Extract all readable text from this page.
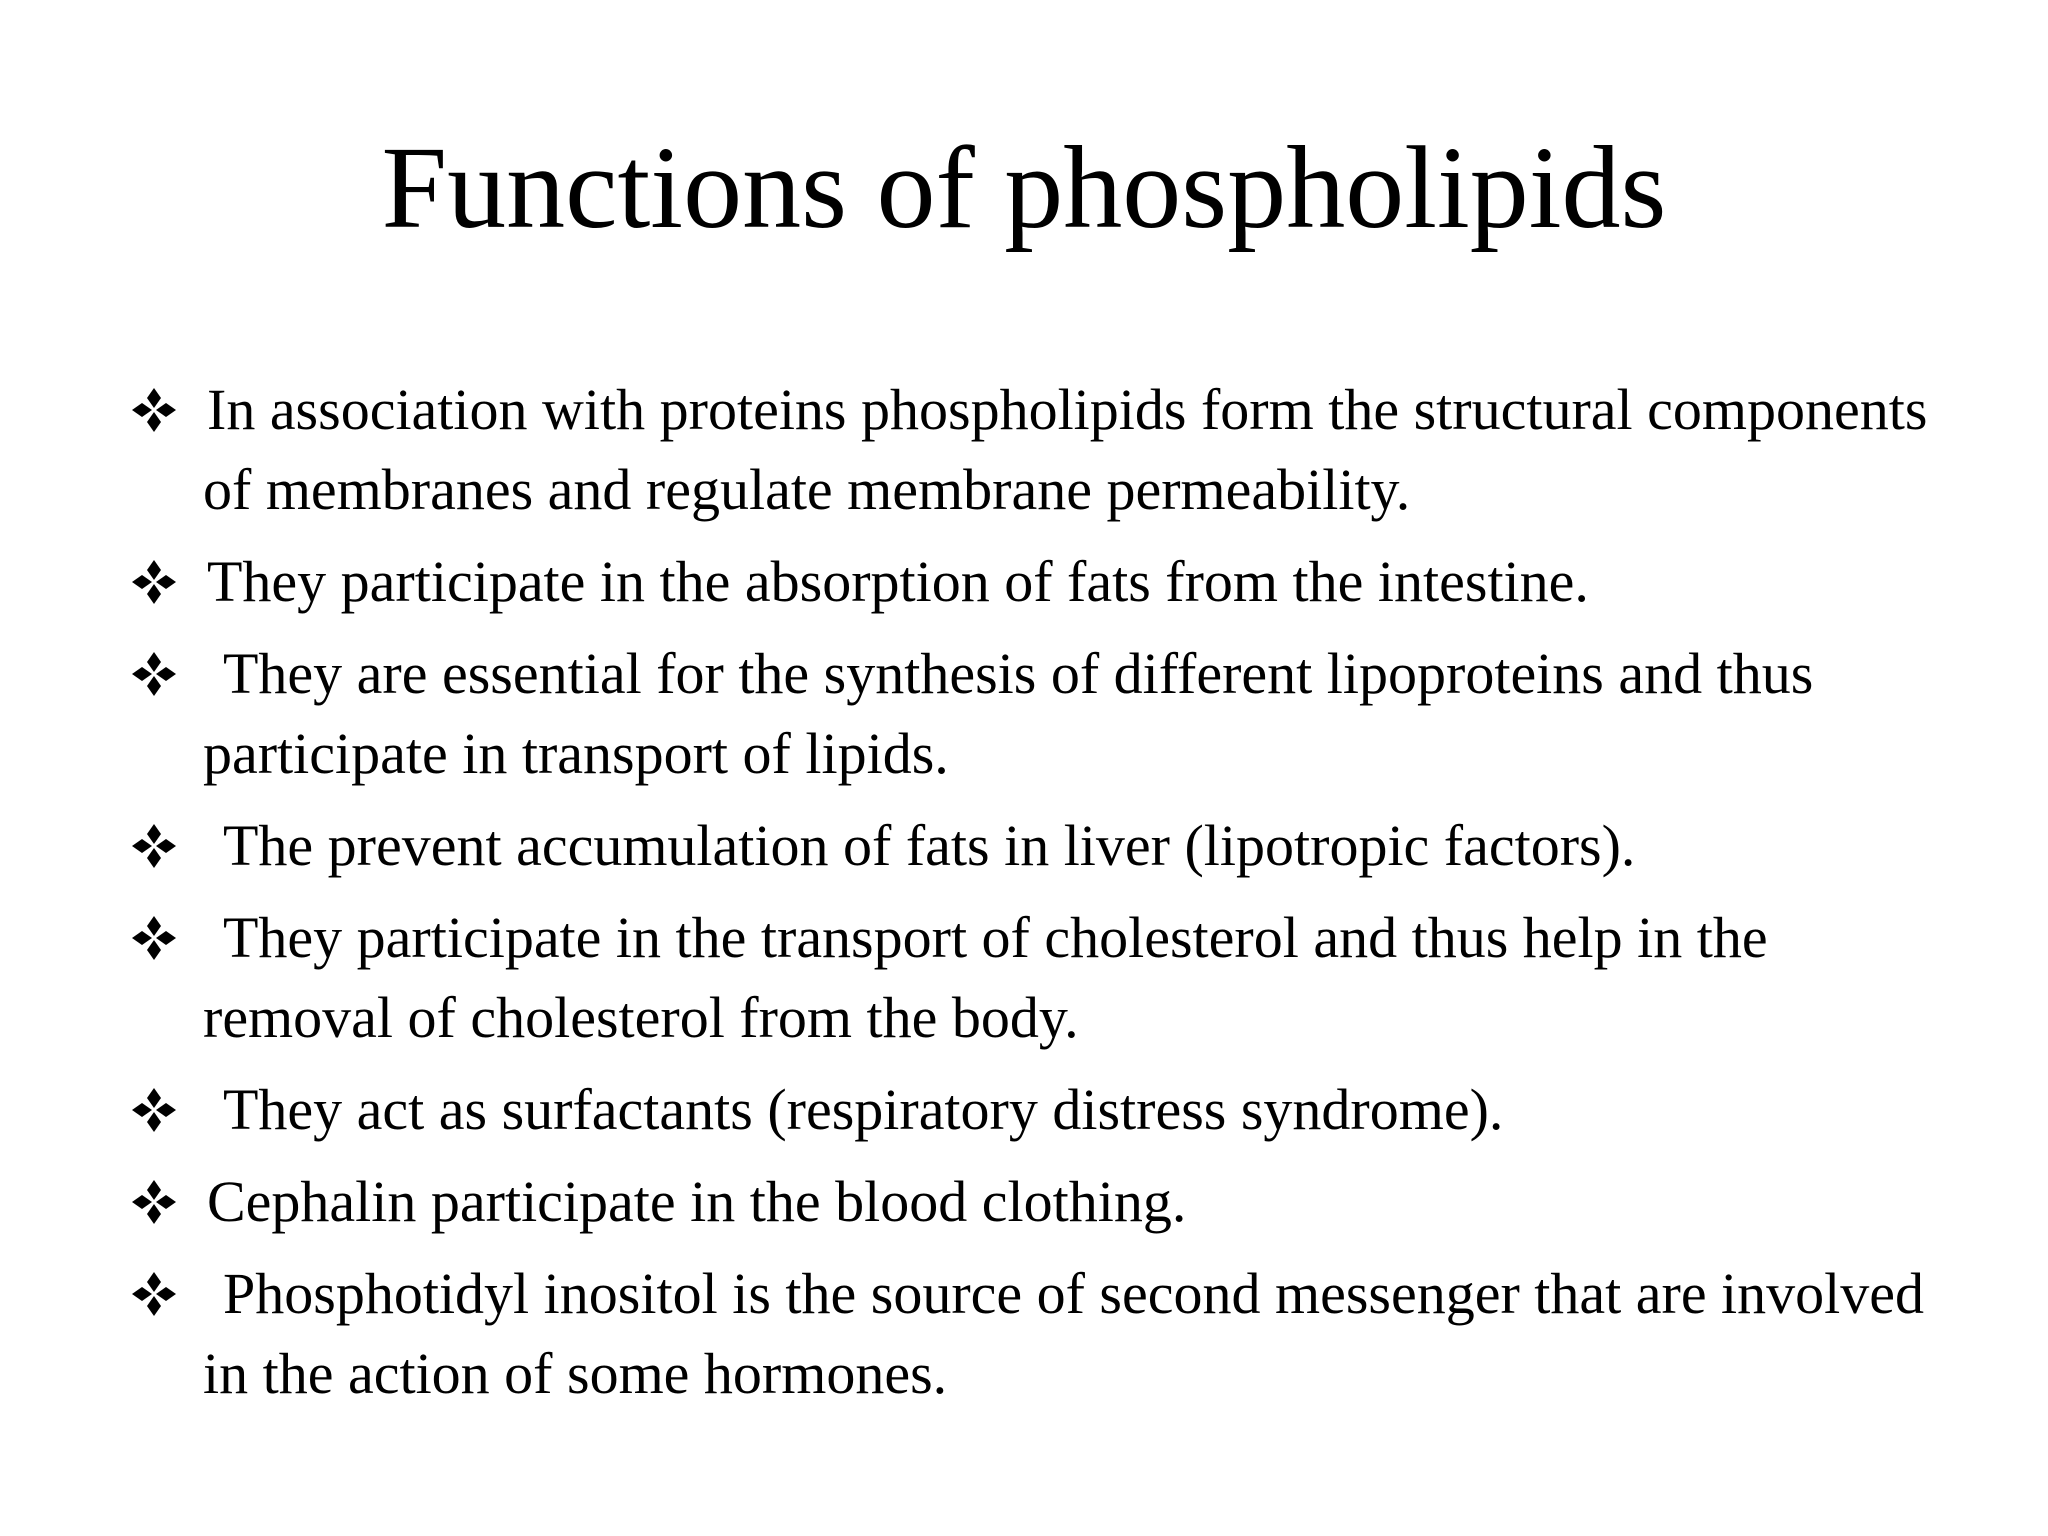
Functions of phospholipids
In association with proteins phospholipids form the structural components of membranes and regulate membrane permeability.
They participate in the absorption of fats from the intestine.
They are essential for the synthesis of different lipoproteins and thus participate in transport of lipids.
The prevent accumulation of fats in liver (lipotropic factors).
They participate in the transport of cholesterol and thus help in the removal of cholesterol from the body.
They act as surfactants (respiratory distress syndrome).
Cephalin participate in the blood clothing.
Phosphotidyl inositol is the source of second messenger that are involved in the action of some hormones.
